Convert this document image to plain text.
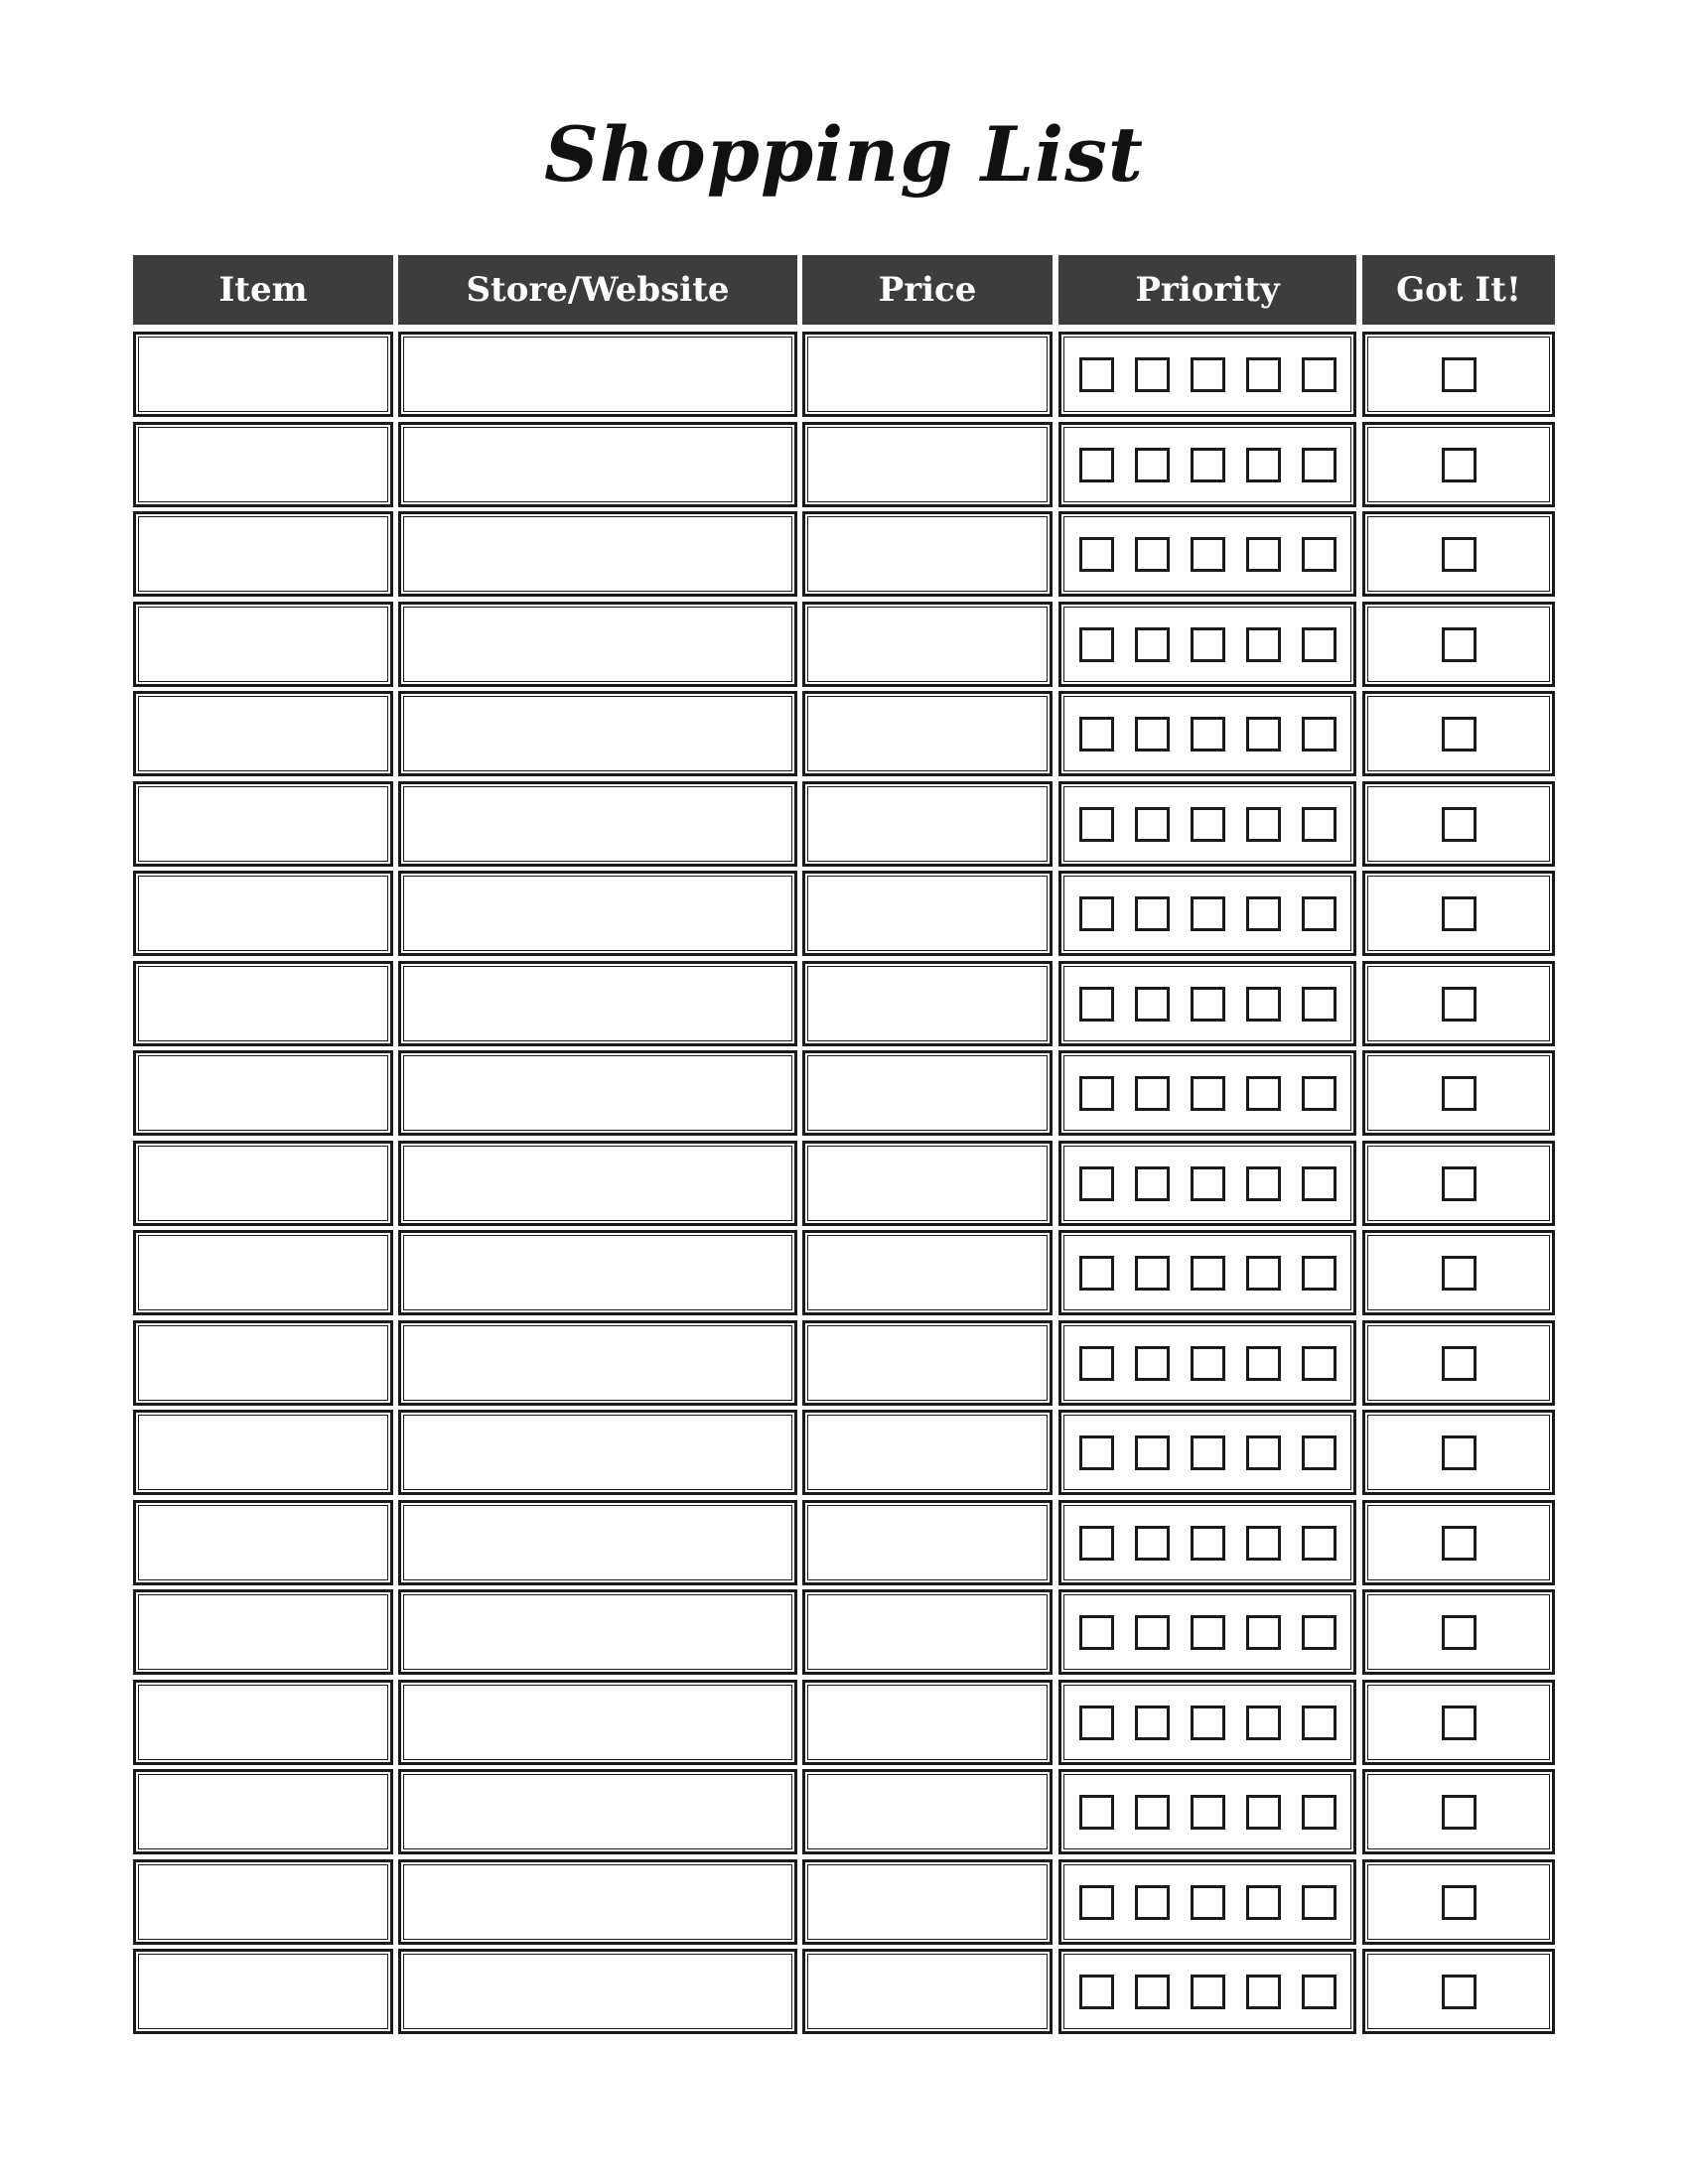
Shopping List
Item	Store/Website	Price	Priority	Got It!
